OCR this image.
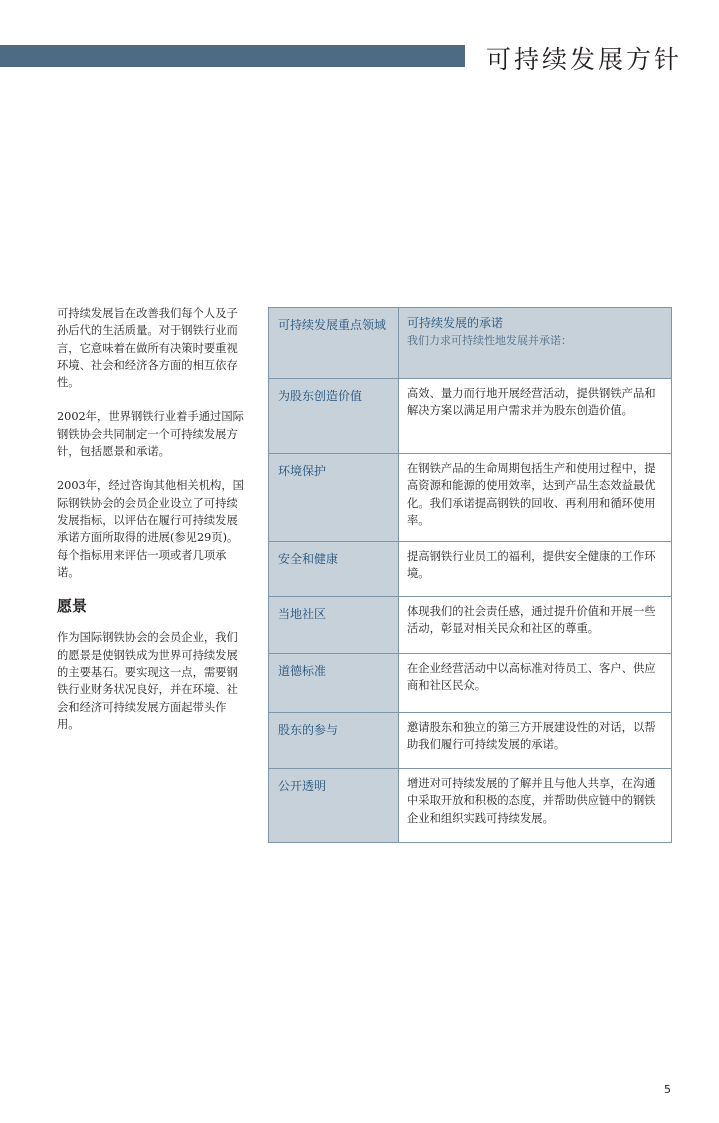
可持续发展方针

可持续发展旨在改善我们每个人及子孙后代的生活质量。对于钢铁行业而言，它意味着在做所有决策时要重视环境、社会和经济各方面的相互依存性。

2002年，世界钢铁行业着手通过国际钢铁协会共同制定一个可持续发展方针，包括愿景和承诺。

2003年，经过咨询其他相关机构，国际钢铁协会的会员企业设立了可持续发展指标，以评估在履行可持续发展承诺方面所取得的进展(参见29页)。

每个指标用来评估一项或者几项承诺。

愿景

作为国际钢铁协会的会员企业，我们的愿景是使钢铁成为世界可持续发展的主要基石。要实现这一点，需要钢铁行业财务状况良好，并在环境、社会和经济可持续发展方面起带头作用。

可持续发展重点领域	可持续发展的承诺
我们力求可持续性地发展并承诺：
为股东创造价值	高效、量力而行地开展经营活动，提供钢铁产品和解决方案以满足用户需求并为股东创造价值。
环境保护	在钢铁产品的生命周期包括生产和使用过程中，提高资源和能源的使用效率，达到产品生态效益最优化。我们承诺提高钢铁的回收、再利用和循环使用率。
安全和健康	提高钢铁行业员工的福利，提供安全健康的工作环境。
当地社区	体现我们的社会责任感，通过提升价值和开展一些活动，彰显对相关民众和社区的尊重。
道德标准	在企业经营活动中以高标准对待员工、客户、供应商和社区民众。
股东的参与	邀请股东和独立的第三方开展建设性的对话，以帮助我们履行可持续发展的承诺。
公开透明	增进对可持续发展的了解并且与他人共享，在沟通中采取开放和积极的态度，并帮助供应链中的钢铁企业和组织实践可持续发展。
5
